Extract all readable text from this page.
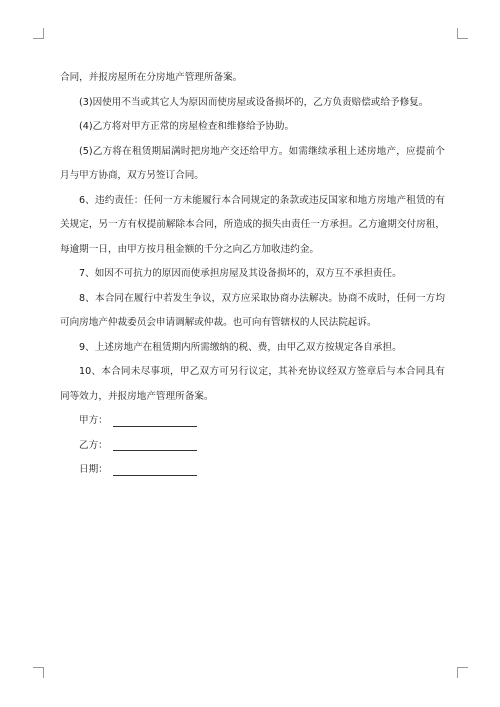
合同，并报房屋所在分房地产管理所备案。

(3)因使用不当或其它人为原因而使房屋或设备损坏的，乙方负责赔偿或给予修复。

(4)乙方将对甲方正常的房屋检查和维修给予协助。

(5)乙方将在租赁期届满时把房地产交还给甲方。如需继续承租上述房地产，应提前个月与甲方协商，双方另签订合同。

6、违约责任：任何一方未能履行本合同规定的条款或违反国家和地方房地产租赁的有关规定，另一方有权提前解除本合同，所造成的损失由责任一方承担。乙方逾期交付房租，每逾期一日，由甲方按月租金额的千分之向乙方加收违约金。

7、如因不可抗力的原因而使承担房屋及其设备损坏的，双方互不承担责任。

8、本合同在履行中若发生争议，双方应采取协商办法解决。协商不成时，任何一方均可向房地产仲裁委员会申请调解或仲裁。也可向有管辖权的人民法院起诉。

9、上述房地产在租赁期内所需缴纳的税、费，由甲乙双方按规定各自承担。

10、本合同未尽事项，甲乙双方可另行议定，其补充协议经双方签章后与本合同具有同等效力，并报房地产管理所备案。

甲方：
乙方：
日期：
